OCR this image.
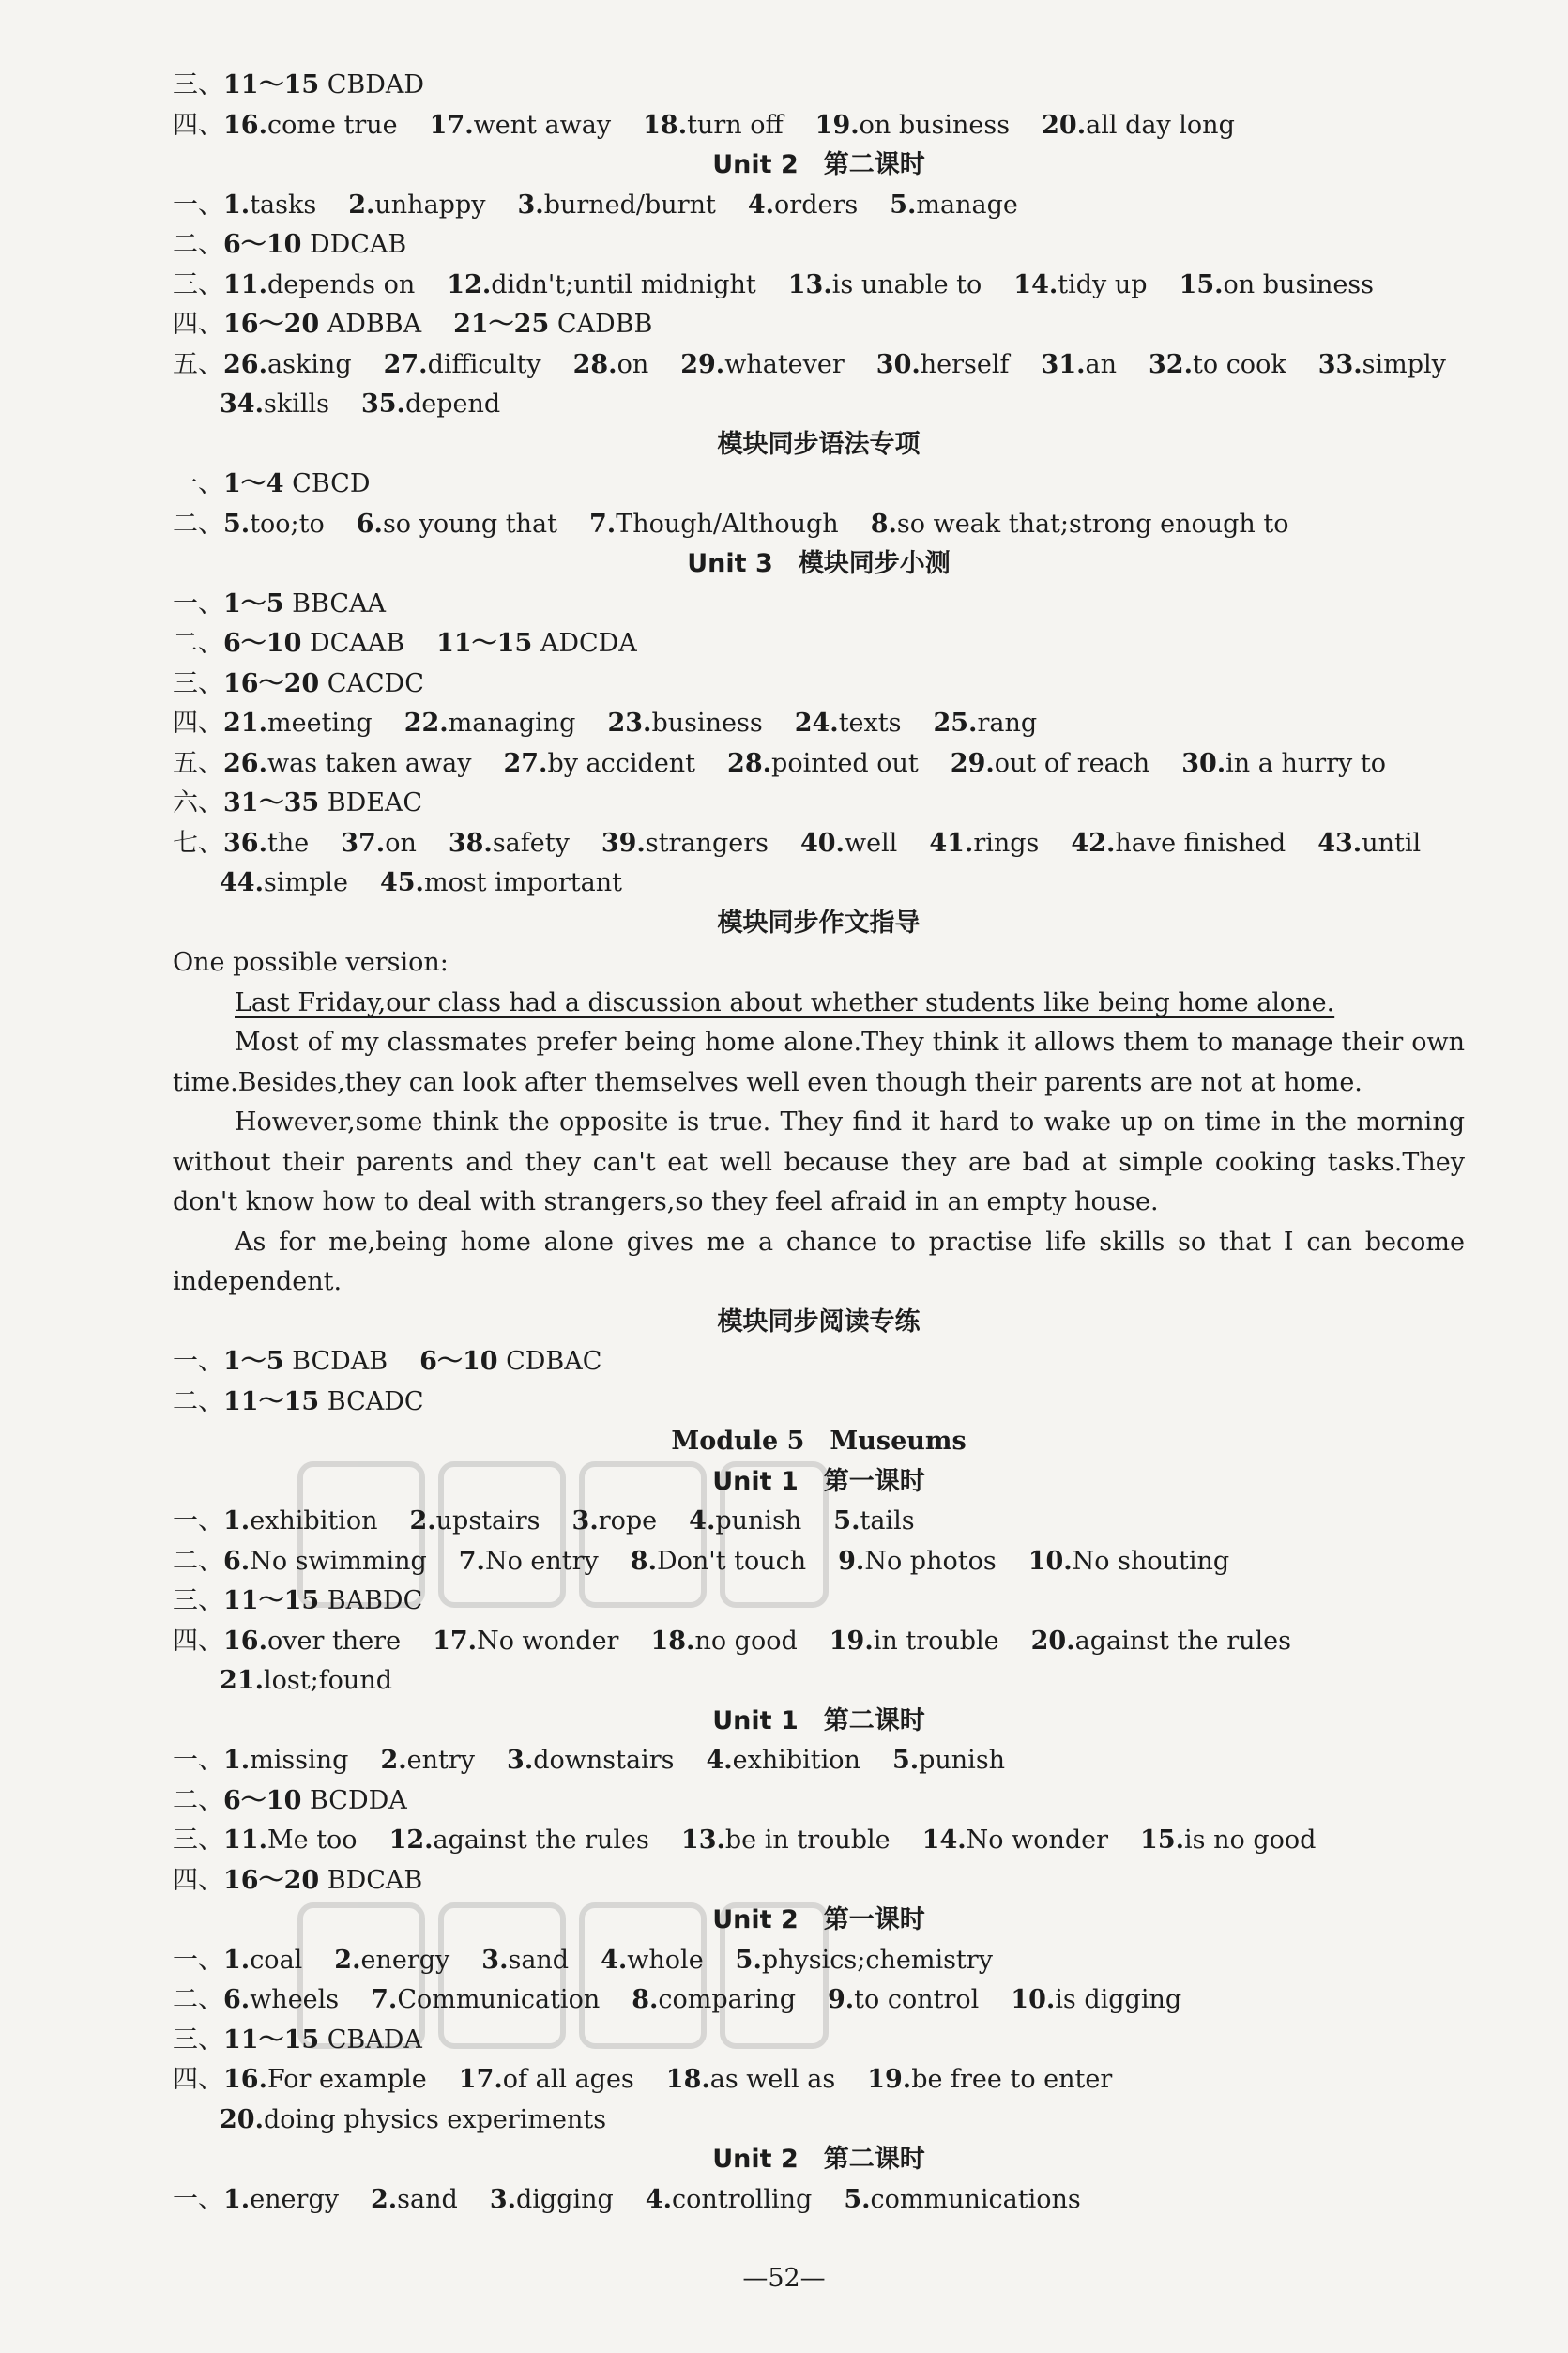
三、11～15 CBDAD
四、16.come true 17.went away 18.turn off 19.on business 20.all day long
Unit 2　第二课时
一、1.tasks 2.unhappy 3.burned/burnt 4.orders 5.manage
二、6～10 DDCAB
三、11.depends on 12.didn't;until midnight 13.is unable to 14.tidy up 15.on business
四、16～20 ADBBA 21～25 CADBB
五、26.asking 27.difficulty 28.on 29.whatever 30.herself 31.an 32.to cook 33.simply
34.skills 35.depend
模块同步语法专项
一、1～4 CBCD
二、5.too;to 6.so young that 7.Though/Although 8.so weak that;strong enough to
Unit 3　模块同步小测
一、1～5 BBCAA
二、6～10 DCAAB 11～15 ADCDA
三、16～20 CACDC
四、21.meeting 22.managing 23.business 24.texts 25.rang
五、26.was taken away 27.by accident 28.pointed out 29.out of reach 30.in a hurry to
六、31～35 BDEAC
七、36.the 37.on 38.safety 39.strangers 40.well 41.rings 42.have finished 43.until
44.simple 45.most important
模块同步作文指导

One possible version:

Last Friday,our class had a discussion about whether students like being home alone.

Most of my classmates prefer being home alone.They think it allows them to manage their own time.Besides,they can look after themselves well even though their parents are not at home.

However,some think the opposite is true. They find it hard to wake up on time in the morning without their parents and they can't eat well because they are bad at simple cooking tasks.They don't know how to deal with strangers,so they feel afraid in an empty house.

As for me,being home alone gives me a chance to practise life skills so that I can become independent.

模块同步阅读专练
一、1～5 BCDAB 6～10 CDBAC
二、11～15 BCADC
Module 5　Museums
Unit 1　第一课时
一、1.exhibition 2.upstairs 3.rope 4.punish 5.tails
二、6.No swimming 7.No entry 8.Don't touch 9.No photos 10.No shouting
三、11～15 BABDC
四、16.over there 17.No wonder 18.no good 19.in trouble 20.against the rules
21.lost;found
Unit 1　第二课时
一、1.missing 2.entry 3.downstairs 4.exhibition 5.punish
二、6～10 BCDDA
三、11.Me too 12.against the rules 13.be in trouble 14.No wonder 15.is no good
四、16～20 BDCAB
Unit 2　第一课时
一、1.coal 2.energy 3.sand 4.whole 5.physics;chemistry
二、6.wheels 7.Communication 8.comparing 9.to control 10.is digging
三、11～15 CBADA
四、16.For example 17.of all ages 18.as well as 19.be free to enter
20.doing physics experiments
Unit 2　第二课时
一、1.energy 2.sand 3.digging 4.controlling 5.communications
—52—
